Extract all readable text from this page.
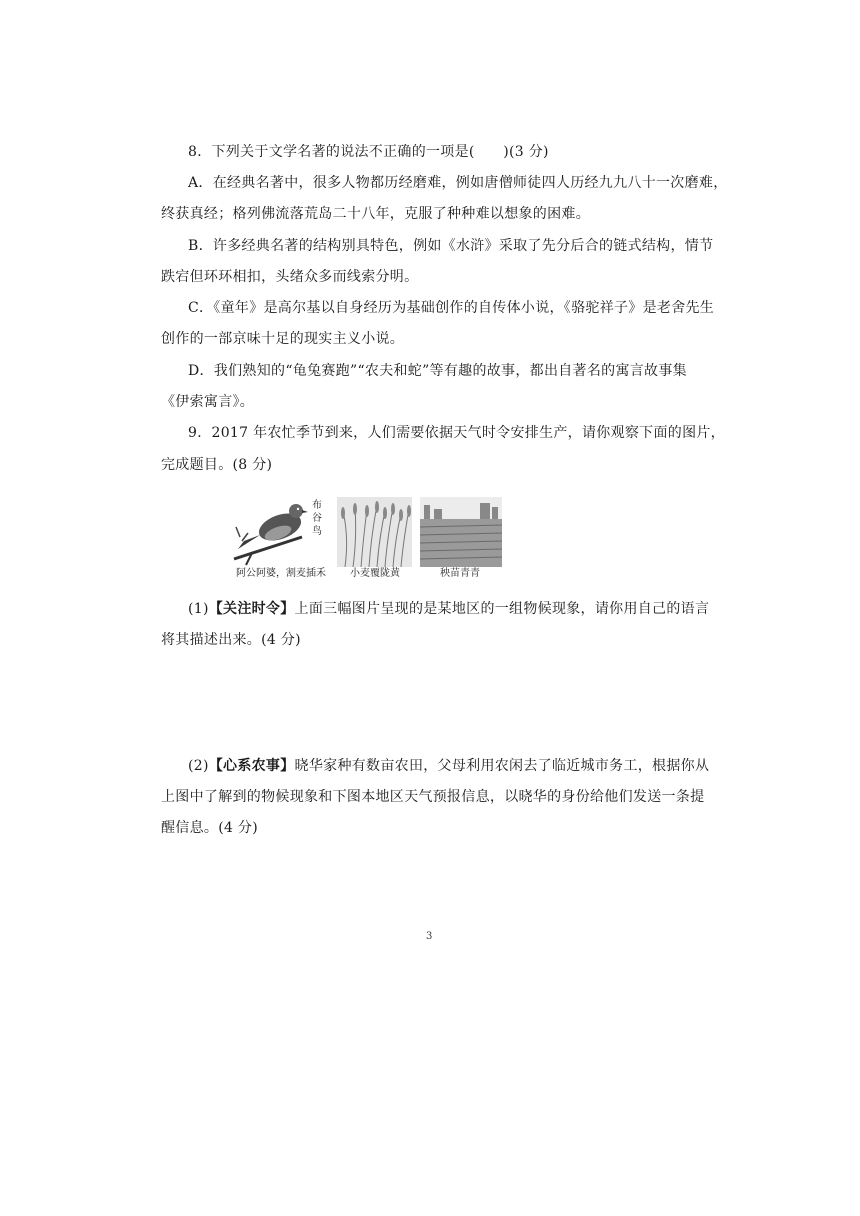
8．下列关于文学名著的说法不正确的一项是(　　)(3 分)
A．在经典名著中，很多人物都历经磨难，例如唐僧师徒四人历经九九八十一次磨难，
终获真经；格列佛流落荒岛二十八年，克服了种种难以想象的困难。
B．许多经典名著的结构别具特色，例如《水浒》采取了先分后合的链式结构，情节
跌宕但环环相扣，头绪众多而线索分明。
C．《童年》是高尔基以自身经历为基础创作的自传体小说，《骆驼祥子》是老舍先生
创作的一部京味十足的现实主义小说。
D．我们熟知的“龟兔赛跑”“农夫和蛇”等有趣的故事，都出自著名的寓言故事集
《伊索寓言》。
9．2017 年农忙季节到来，人们需要依据天气时令安排生产，请你观察下面的图片，
完成题目。(8 分)
布
谷
鸟
阿公阿婆，割麦插禾 小麦覆陇黄	秧苗青青
(1)【关注时令】上面三幅图片呈现的是某地区的一组物候现象，请你用自己的语言
将其描述出来。(4 分)
(2)【心系农事】晓华家种有数亩农田，父母利用农闲去了临近城市务工，根据你从
上图中了解到的物候现象和下图本地区天气预报信息，以晓华的身份给他们发送一条提
醒信息。(4 分)
3
